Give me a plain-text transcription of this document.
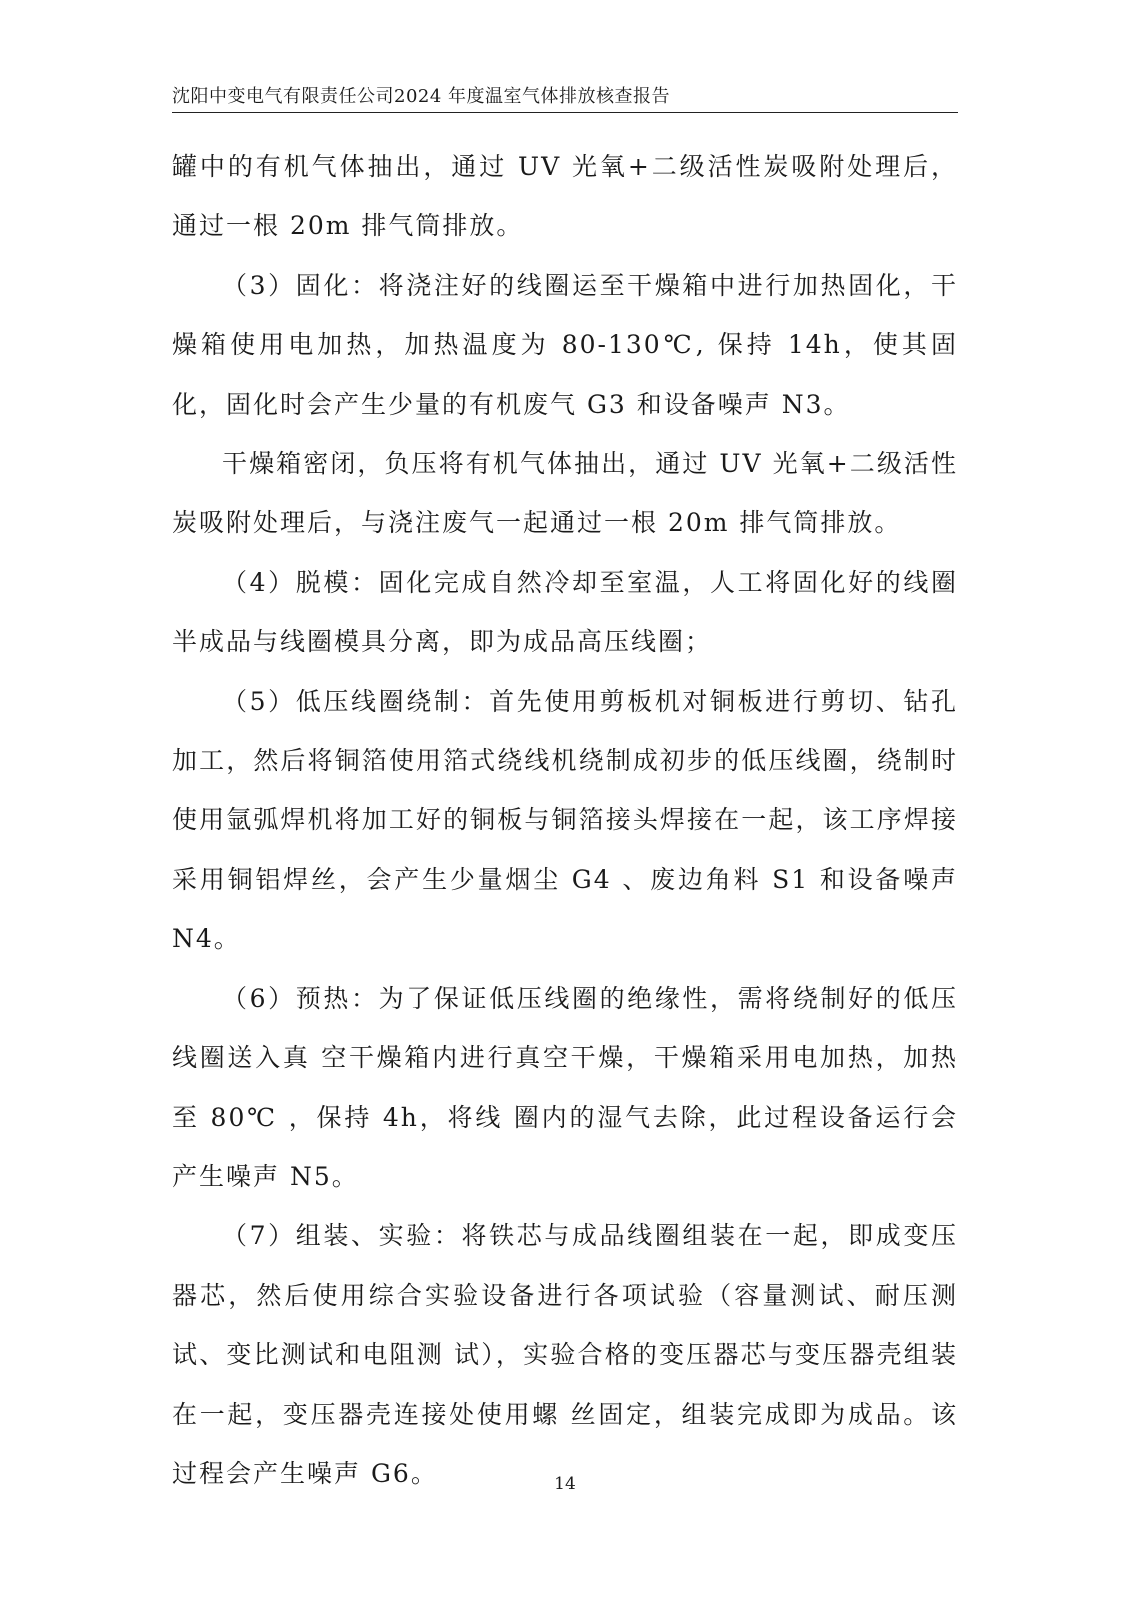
沈阳中变电气有限责任公司2024 年度温室气体排放核查报告

罐中的有机气体抽出，通过 UV 光氧+二级活性炭吸附处理后，通过一根 20m 排气筒排放。

（3）固化：将浇注好的线圈运至干燥箱中进行加热固化，干燥箱使用电加热，加热温度为 80-130℃, 保持 14h，使其固化，固化时会产生少量的有机废气 G3 和设备噪声 N3。

干燥箱密闭，负压将有机气体抽出，通过 UV 光氧+二级活性炭吸附处理后，与浇注废气一起通过一根 20m 排气筒排放。

（4）脱模：固化完成自然冷却至室温，人工将固化好的线圈半成品与线圈模具分离，即为成品高压线圈；

（5）低压线圈绕制：首先使用剪板机对铜板进行剪切、钻孔加工，然后将铜箔使用箔式绕线机绕制成初步的低压线圈，绕制时使用氩弧焊机将加工好的铜板与铜箔接头焊接在一起，该工序焊接采用铜铝焊丝，会产生少量烟尘 G4 、废边角料 S1 和设备噪声 N4。

（6）预热：为了保证低压线圈的绝缘性，需将绕制好的低压线圈送入真 空干燥箱内进行真空干燥，干燥箱采用电加热，加热至 80℃ ，保持 4h，将线 圈内的湿气去除，此过程设备运行会产生噪声 N5。

（7）组装、实验：将铁芯与成品线圈组装在一起，即成变压器芯，然后使用综合实验设备进行各项试验（容量测试、耐压测试、变比测试和电阻测 试），实验合格的变压器芯与变压器壳组装在一起，变压器壳连接处使用螺 丝固定，组装完成即为成品。该过程会产生噪声 G6。	14
